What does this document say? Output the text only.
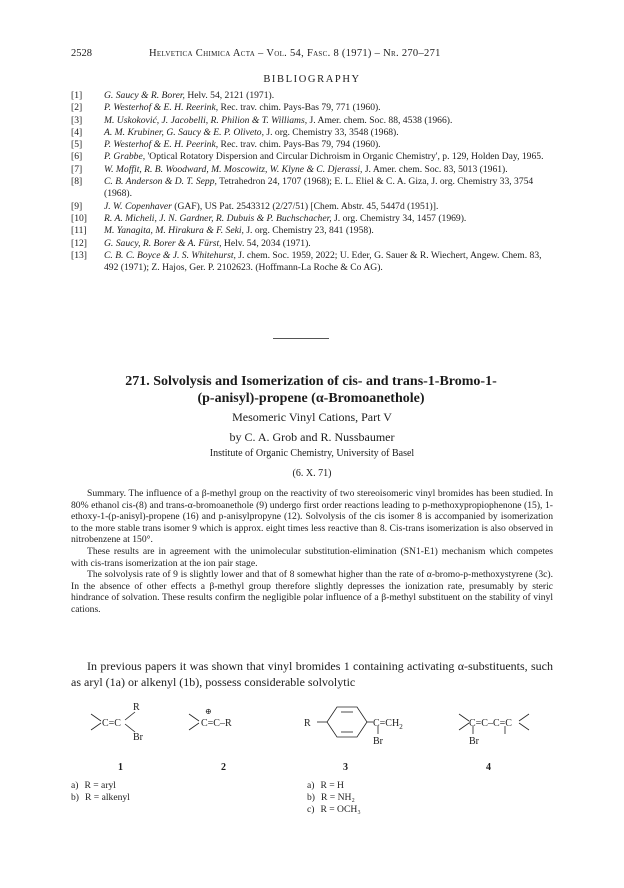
2528	Helvetica Chimica Acta – Vol. 54, Fasc. 8 (1971) – Nr. 270–271
BIBLIOGRAPHY
[1] G. Saucy & R. Borer, Helv. 54, 2121 (1971).
[2] P. Westerhof & E. H. Reerink, Rec. trav. chim. Pays-Bas 79, 771 (1960).
[3] M. Uskoković, J. Jacobelli, R. Philion & T. Williams, J. Amer. chem. Soc. 88, 4538 (1966).
[4] A. M. Krubiner, G. Saucy & E. P. Oliveto, J. org. Chemistry 33, 3548 (1968).
[5] P. Westerhof & E. H. Peerink, Rec. trav. chim. Pays-Bas 79, 794 (1960).
[6] P. Grabbe, 'Optical Rotatory Dispersion and Circular Dichroism in Organic Chemistry', p. 129, Holden Day, 1965.
[7] W. Moffit, R. B. Woodward, M. Moscowitz, W. Klyne & C. Djerassi, J. Amer. chem. Soc. 83, 5013 (1961).
[8] C. B. Anderson & D. T. Sepp, Tetrahedron 24, 1707 (1968); E. L. Eliel & C. A. Giza, J. org. Chemistry 33, 3754 (1968).
[9] J. W. Copenhaver (GAF), US Pat. 2543312 (2/27/51) [Chem. Abstr. 45, 5447d (1951)].
[10] R. A. Micheli, J. N. Gardner, R. Dubuis & P. Buchschacher, J. org. Chemistry 34, 1457 (1969).
[11] M. Yanagita, M. Hirakura & F. Seki, J. org. Chemistry 23, 841 (1958).
[12] G. Saucy, R. Borer & A. Fürst, Helv. 54, 2034 (1971).
[13] C. B. C. Boyce & J. S. Whitehurst, J. chem. Soc. 1959, 2022; U. Eder, G. Sauer & R. Wiechert, Angew. Chem. 83, 492 (1971); Z. Hajos, Ger. P. 2102623. (Hoffmann-La Roche & Co AG).
271. Solvolysis and Isomerization of cis- and trans-1-Bromo-1-
(p-anisyl)-propene (α-Bromoanethole)
Mesomeric Vinyl Cations, Part V
by C. A. Grob and R. Nussbaumer
Institute of Organic Chemistry, University of Basel
(6. X. 71)

Summary. The influence of a β-methyl group on the reactivity of two stereoisomeric vinyl bromides has been studied. In 80% ethanol cis-(8) and trans-α-bromoanethole (9) undergo first order reactions leading to p-methoxypropiophenone (15), 1-ethoxy-1-(p-anisyl)-propene (16) and p-anisylpropyne (12). Solvolysis of the cis isomer 8 is accompanied by isomerization to the more stable trans isomer 9 which is approx. eight times less reactive than 8. Cis-trans isomerization is also observed in nitrobenzene at 150°.

These results are in agreement with the unimolecular substitution-elimination (SN1-E1) mechanism which competes with cis-trans isomerization at the ion pair stage.

The solvolysis rate of 9 is slightly lower and that of 8 somewhat higher than the rate of α-bromo-p-methoxystyrene (3c). In the absence of other effects a β-methyl group therefore slightly depresses the ionization rate, presumably by steric hindrance of solvation. These results confirm the negligible polar influence of a β-methyl substituent on the stability of vinyl cations.

In previous papers it was shown that vinyl bromides 1 containing activating α-substituents, such as aryl (1a) or alkenyl (1b), possess considerable solvolytic

C=C
R
Br
C=C–R
⊕
R	$C=CH_2$
Br
C=C–C=C
Br
1	2	3	4
a) R = aryl
b) R = alkenyl
a) R = H
b) R = NH₂
c) R = OCH₃
